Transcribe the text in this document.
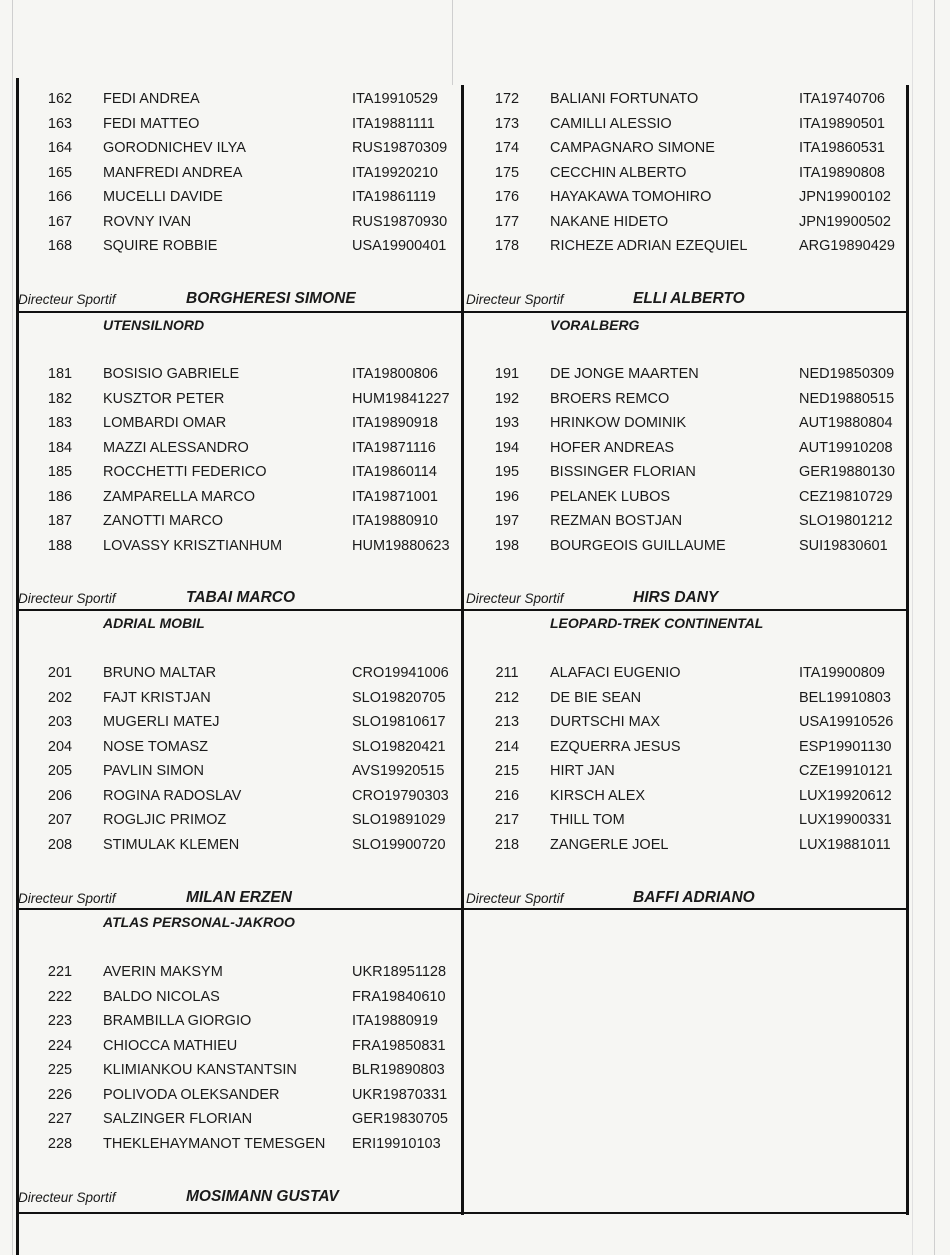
162	FEDI ANDREA	ITA19910529
163	FEDI MATTEO	ITA19881111
164	GORODNICHEV ILYA	RUS19870309
165	MANFREDI ANDREA	ITA19920210
166	MUCELLI DAVIDE	ITA19861119
167	ROVNY IVAN	RUS19870930
168	SQUIRE ROBBIE	USA19900401
Directeur Sportif	BORGHERESI SIMONE
172	BALIANI FORTUNATO	ITA19740706
173	CAMILLI ALESSIO	ITA19890501
174	CAMPAGNARO SIMONE	ITA19860531
175	CECCHIN ALBERTO	ITA19890808
176	HAYAKAWA TOMOHIRO	JPN19900102
177	NAKANE HIDETO	JPN19900502
178	RICHEZE ADRIAN EZEQUIEL	ARG19890429
Directeur Sportif	ELLI ALBERTO
UTENSILNORD
181	BOSISIO GABRIELE	ITA19800806
182	KUSZTOR PETER	HUM19841227
183	LOMBARDI OMAR	ITA19890918
184	MAZZI ALESSANDRO	ITA19871116
185	ROCCHETTI FEDERICO	ITA19860114
186	ZAMPARELLA MARCO	ITA19871001
187	ZANOTTI MARCO	ITA19880910
188	LOVASSY KRISZTIANHUM	HUM19880623
Directeur Sportif	TABAI MARCO
VORALBERG
191	DE JONGE MAARTEN	NED19850309
192	BROERS REMCO	NED19880515
193	HRINKOW DOMINIK	AUT19880804
194	HOFER ANDREAS	AUT19910208
195	BISSINGER FLORIAN	GER19880130
196	PELANEK LUBOS	CEZ19810729
197	REZMAN BOSTJAN	SLO19801212
198	BOURGEOIS GUILLAUME	SUI19830601
Directeur Sportif	HIRS DANY
ADRIAL MOBIL
201	BRUNO MALTAR	CRO19941006
202	FAJT KRISTJAN	SLO19820705
203	MUGERLI MATEJ	SLO19810617
204	NOSE TOMASZ	SLO19820421
205	PAVLIN SIMON	AVS19920515
206	ROGINA RADOSLAV	CRO19790303
207	ROGLJIC PRIMOZ	SLO19891029
208	STIMULAK KLEMEN	SLO19900720
Directeur Sportif	MILAN ERZEN
LEOPARD-TREK CONTINENTAL
211	ALAFACI EUGENIO	ITA19900809
212	DE BIE SEAN	BEL19910803
213	DURTSCHI MAX	USA19910526
214	EZQUERRA JESUS	ESP19901130
215	HIRT JAN	CZE19910121
216	KIRSCH ALEX	LUX19920612
217	THILL TOM	LUX19900331
218	ZANGERLE JOEL	LUX19881011
Directeur Sportif	BAFFI ADRIANO
ATLAS PERSONAL-JAKROO
221	AVERIN MAKSYM	UKR18951128
222	BALDO NICOLAS	FRA19840610
223	BRAMBILLA GIORGIO	ITA19880919
224	CHIOCCA MATHIEU	FRA19850831
225	KLIMIANKOU KANSTANTSIN	BLR19890803
226	POLIVODA OLEKSANDER	UKR19870331
227	SALZINGER FLORIAN	GER19830705
228	THEKLEHAYMANOT TEMESGEN ERI19910103
Directeur Sportif	MOSIMANN GUSTAV
